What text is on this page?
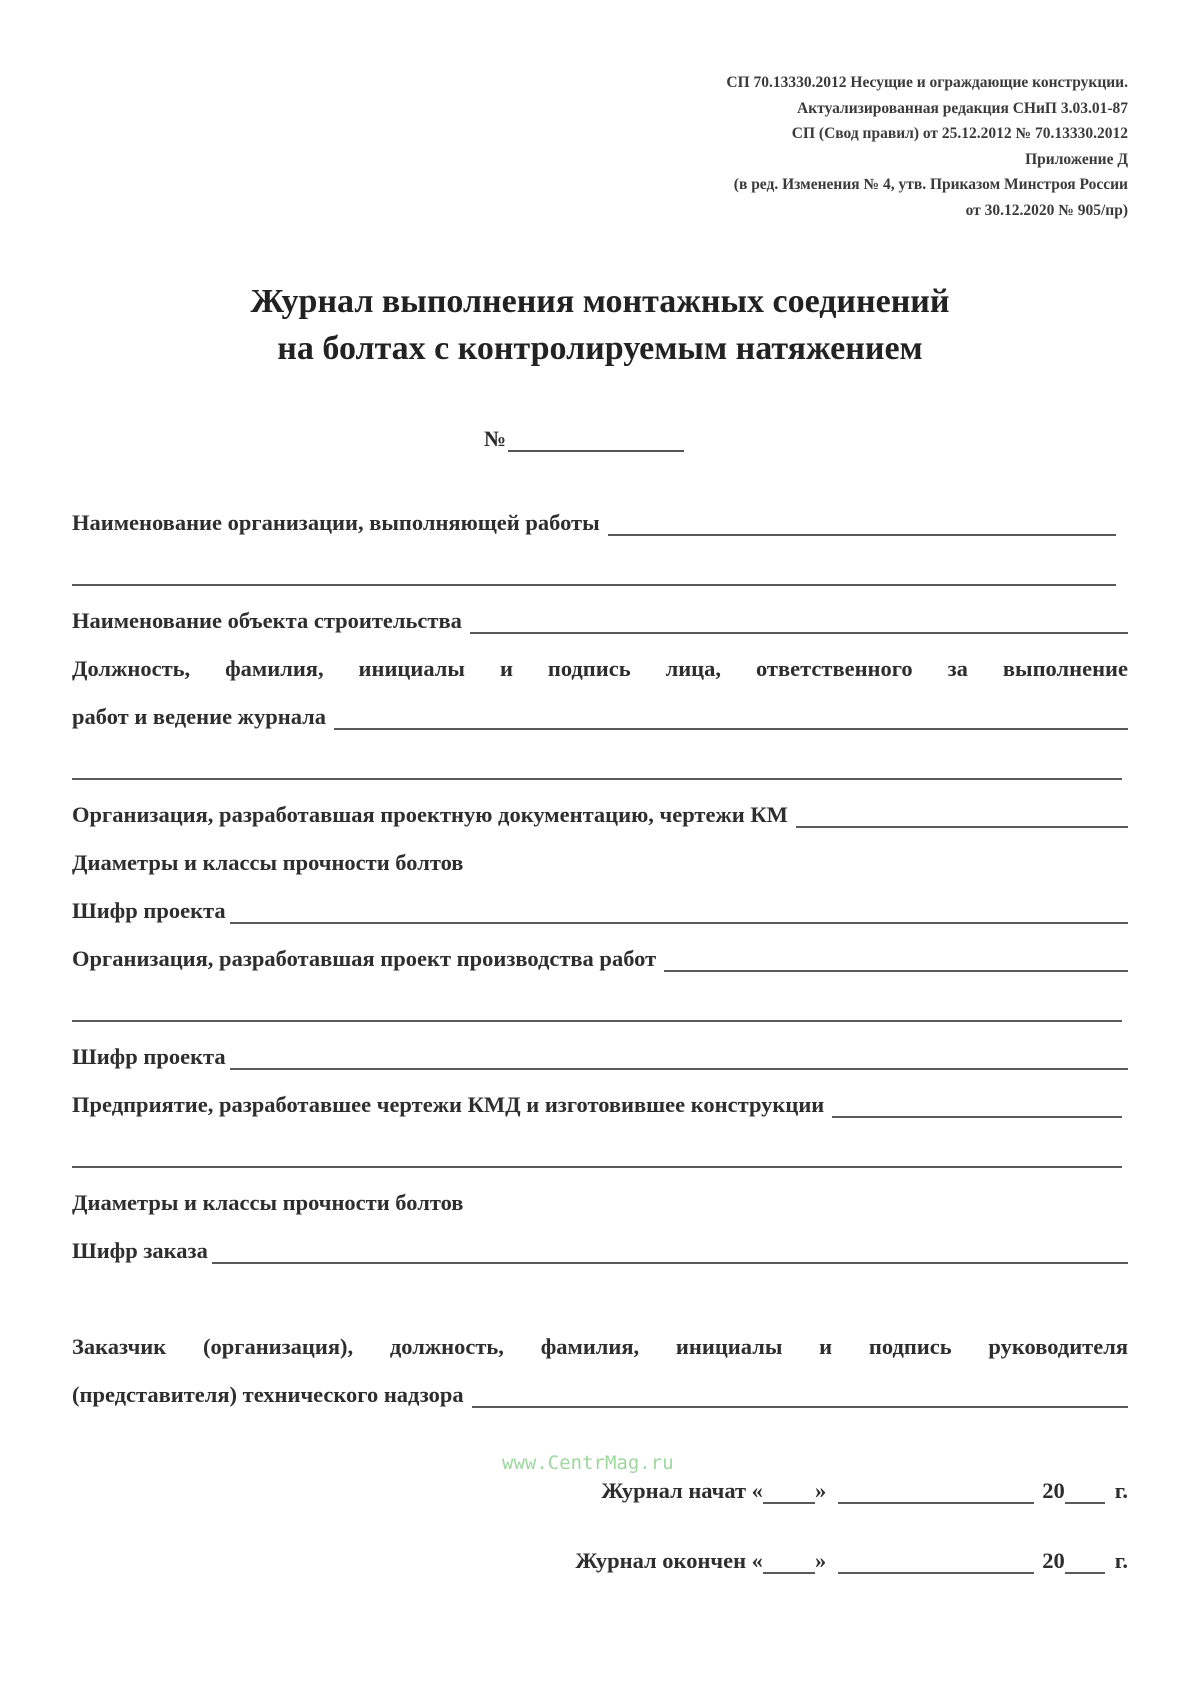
СП 70.13330.2012 Несущие и ограждающие конструкции.
Актуализированная редакция СНиП 3.03.01-87
СП (Свод правил) от 25.12.2012 № 70.13330.2012
Приложение Д
(в ред. Изменения № 4, утв. Приказом Минстроя России
от 30.12.2020 № 905/пр)
Журнал выполнения монтажных соединений
на болтах с контролируемым натяжением
№
Наименование организации, выполняющей работы
Наименование объекта строительства
Должность, фамилия, инициалы и подпись лица, ответственного за выполнение
работ и ведение журнала
Организация, разработавшая проектную документацию, чертежи КМ
Диаметры и классы прочности болтов
Шифр проекта
Организация, разработавшая проект производства работ
Шифр проекта
Предприятие, разработавшее чертежи КМД и изготовившее конструкции
Диаметры и классы прочности болтов
Шифр заказа
Заказчик (организация), должность, фамилия, инициалы и подпись руководителя
(представителя) технического надзора
www.CentrMag.ru
Журнал начат « »	20 г.
Журнал окончен « »	20 г.
